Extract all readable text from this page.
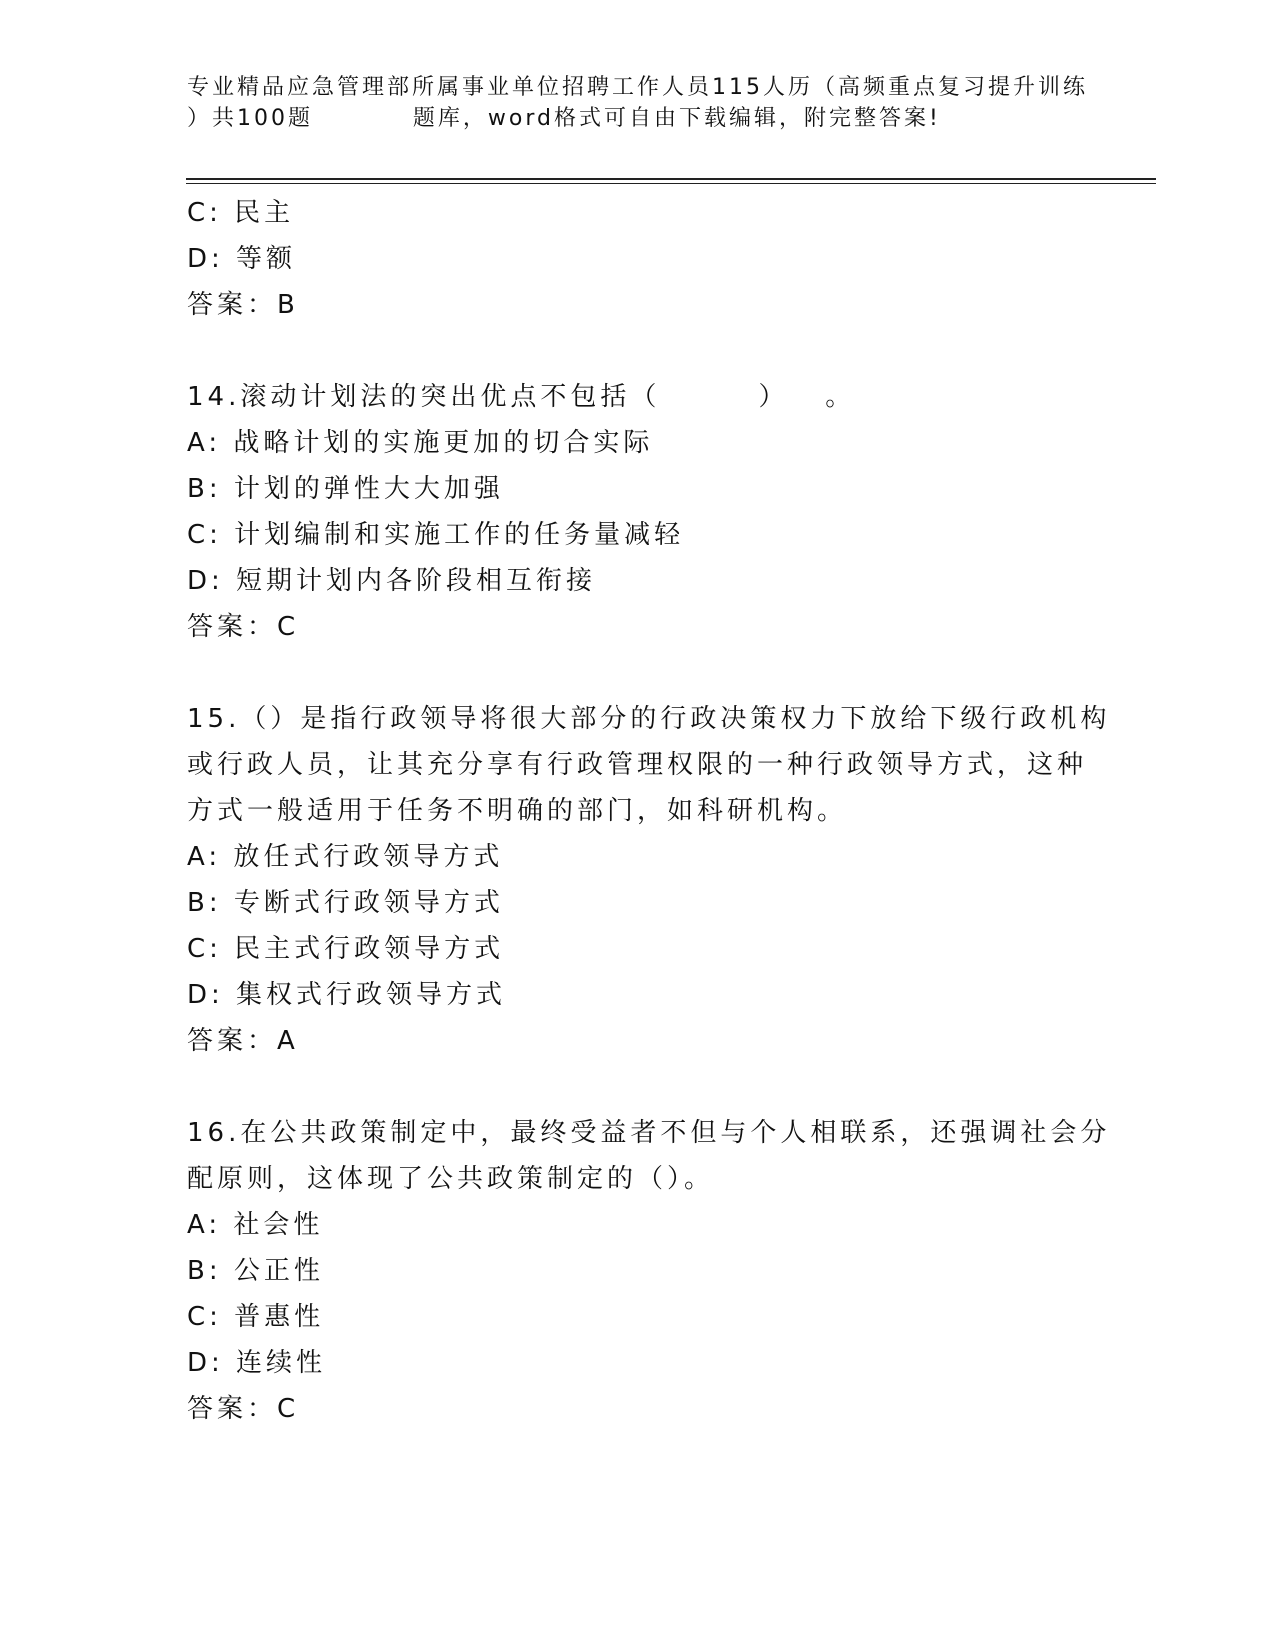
专业精品应急管理部所属事业单位招聘工作人员115人历（高频重点复习提升训练
）共100题          题库，word格式可自由下载编辑，附完整答案!
C: 民主
D: 等额
答案：B
14.滚动计划法的突出优点不包括（        ）   。
A: 战略计划的实施更加的切合实际
B: 计划的弹性大大加强
C: 计划编制和实施工作的任务量减轻
D: 短期计划内各阶段相互衔接
答案：C
15.（）是指行政领导将很大部分的行政决策权力下放给下级行政机构
或行政人员，让其充分享有行政管理权限的一种行政领导方式，这种
方式一般适用于任务不明确的部门，如科研机构。
A: 放任式行政领导方式
B: 专断式行政领导方式
C: 民主式行政领导方式
D: 集权式行政领导方式
答案：A
16.在公共政策制定中，最终受益者不但与个人相联系，还强调社会分
配原则，这体现了公共政策制定的（）。
A: 社会性
B: 公正性
C: 普惠性
D: 连续性
答案：C
